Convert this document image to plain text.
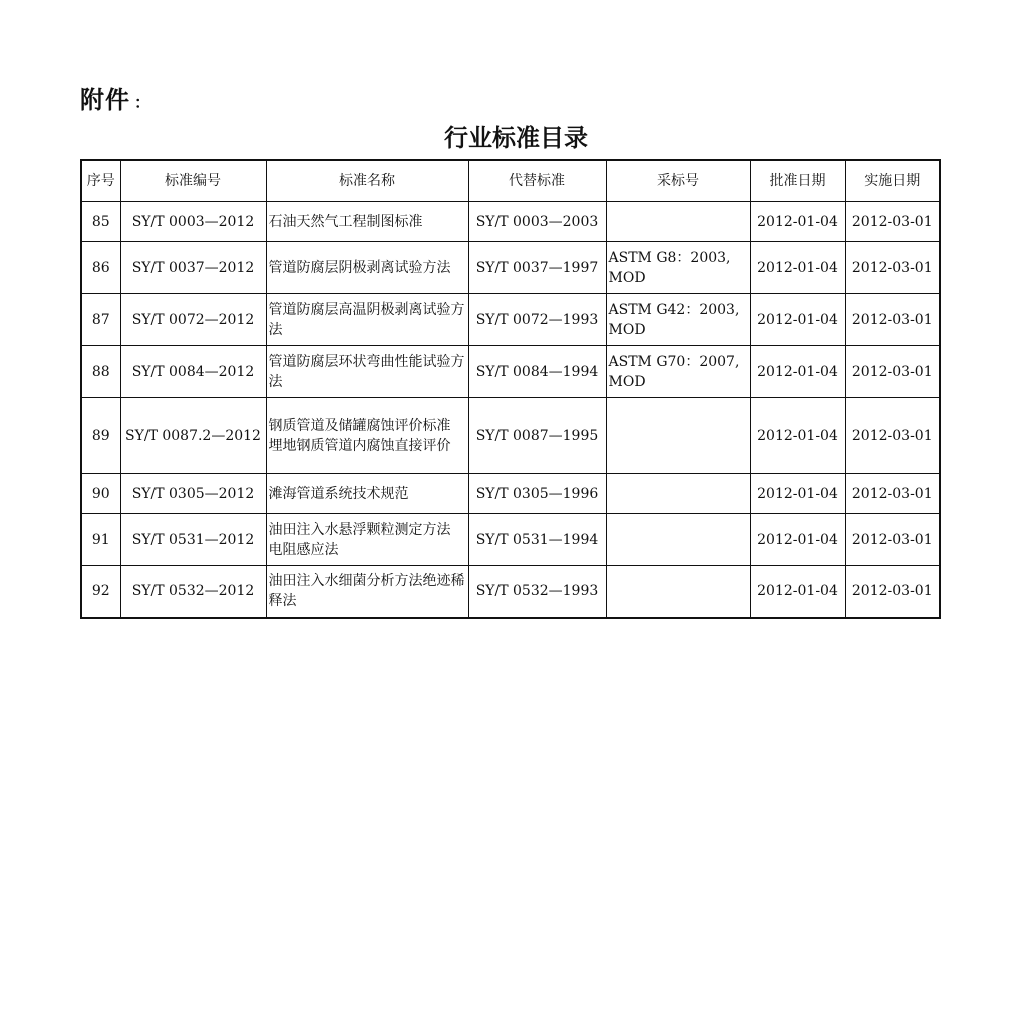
附件 ：
行业标准目录
序号	标准编号	标准名称	代替标准	采标号	批准日期	实施日期
85	SY/T 0003—2012	石油天然气工程制图标准	SY/T 0003—2003		2012-01-04	2012-03-01
86	SY/T 0037—2012	管道防腐层阴极剥离试验方法	SY/T 0037—1997	ASTM G8：2003, MOD	2012-01-04	2012-03-01
87	SY/T 0072—2012	管道防腐层高温阴极剥离试验方法	SY/T 0072—1993	ASTM G42：2003, MOD	2012-01-04	2012-03-01
88	SY/T 0084—2012	管道防腐层环状弯曲性能试验方法	SY/T 0084—1994	ASTM G70：2007, MOD	2012-01-04	2012-03-01
89	SY/T 0087.2—2012	钢质管道及储罐腐蚀评价标准　埋地钢质管道内腐蚀直接评价	SY/T 0087—1995		2012-01-04	2012-03-01
90	SY/T 0305—2012	滩海管道系统技术规范	SY/T 0305—1996		2012-01-04	2012-03-01
91	SY/T 0531—2012	油田注入水悬浮颗粒测定方法　电阻感应法	SY/T 0531—1994		2012-01-04	2012-03-01
92	SY/T 0532—2012	油田注入水细菌分析方法绝迹稀释法	SY/T 0532—1993		2012-01-04	2012-03-01
